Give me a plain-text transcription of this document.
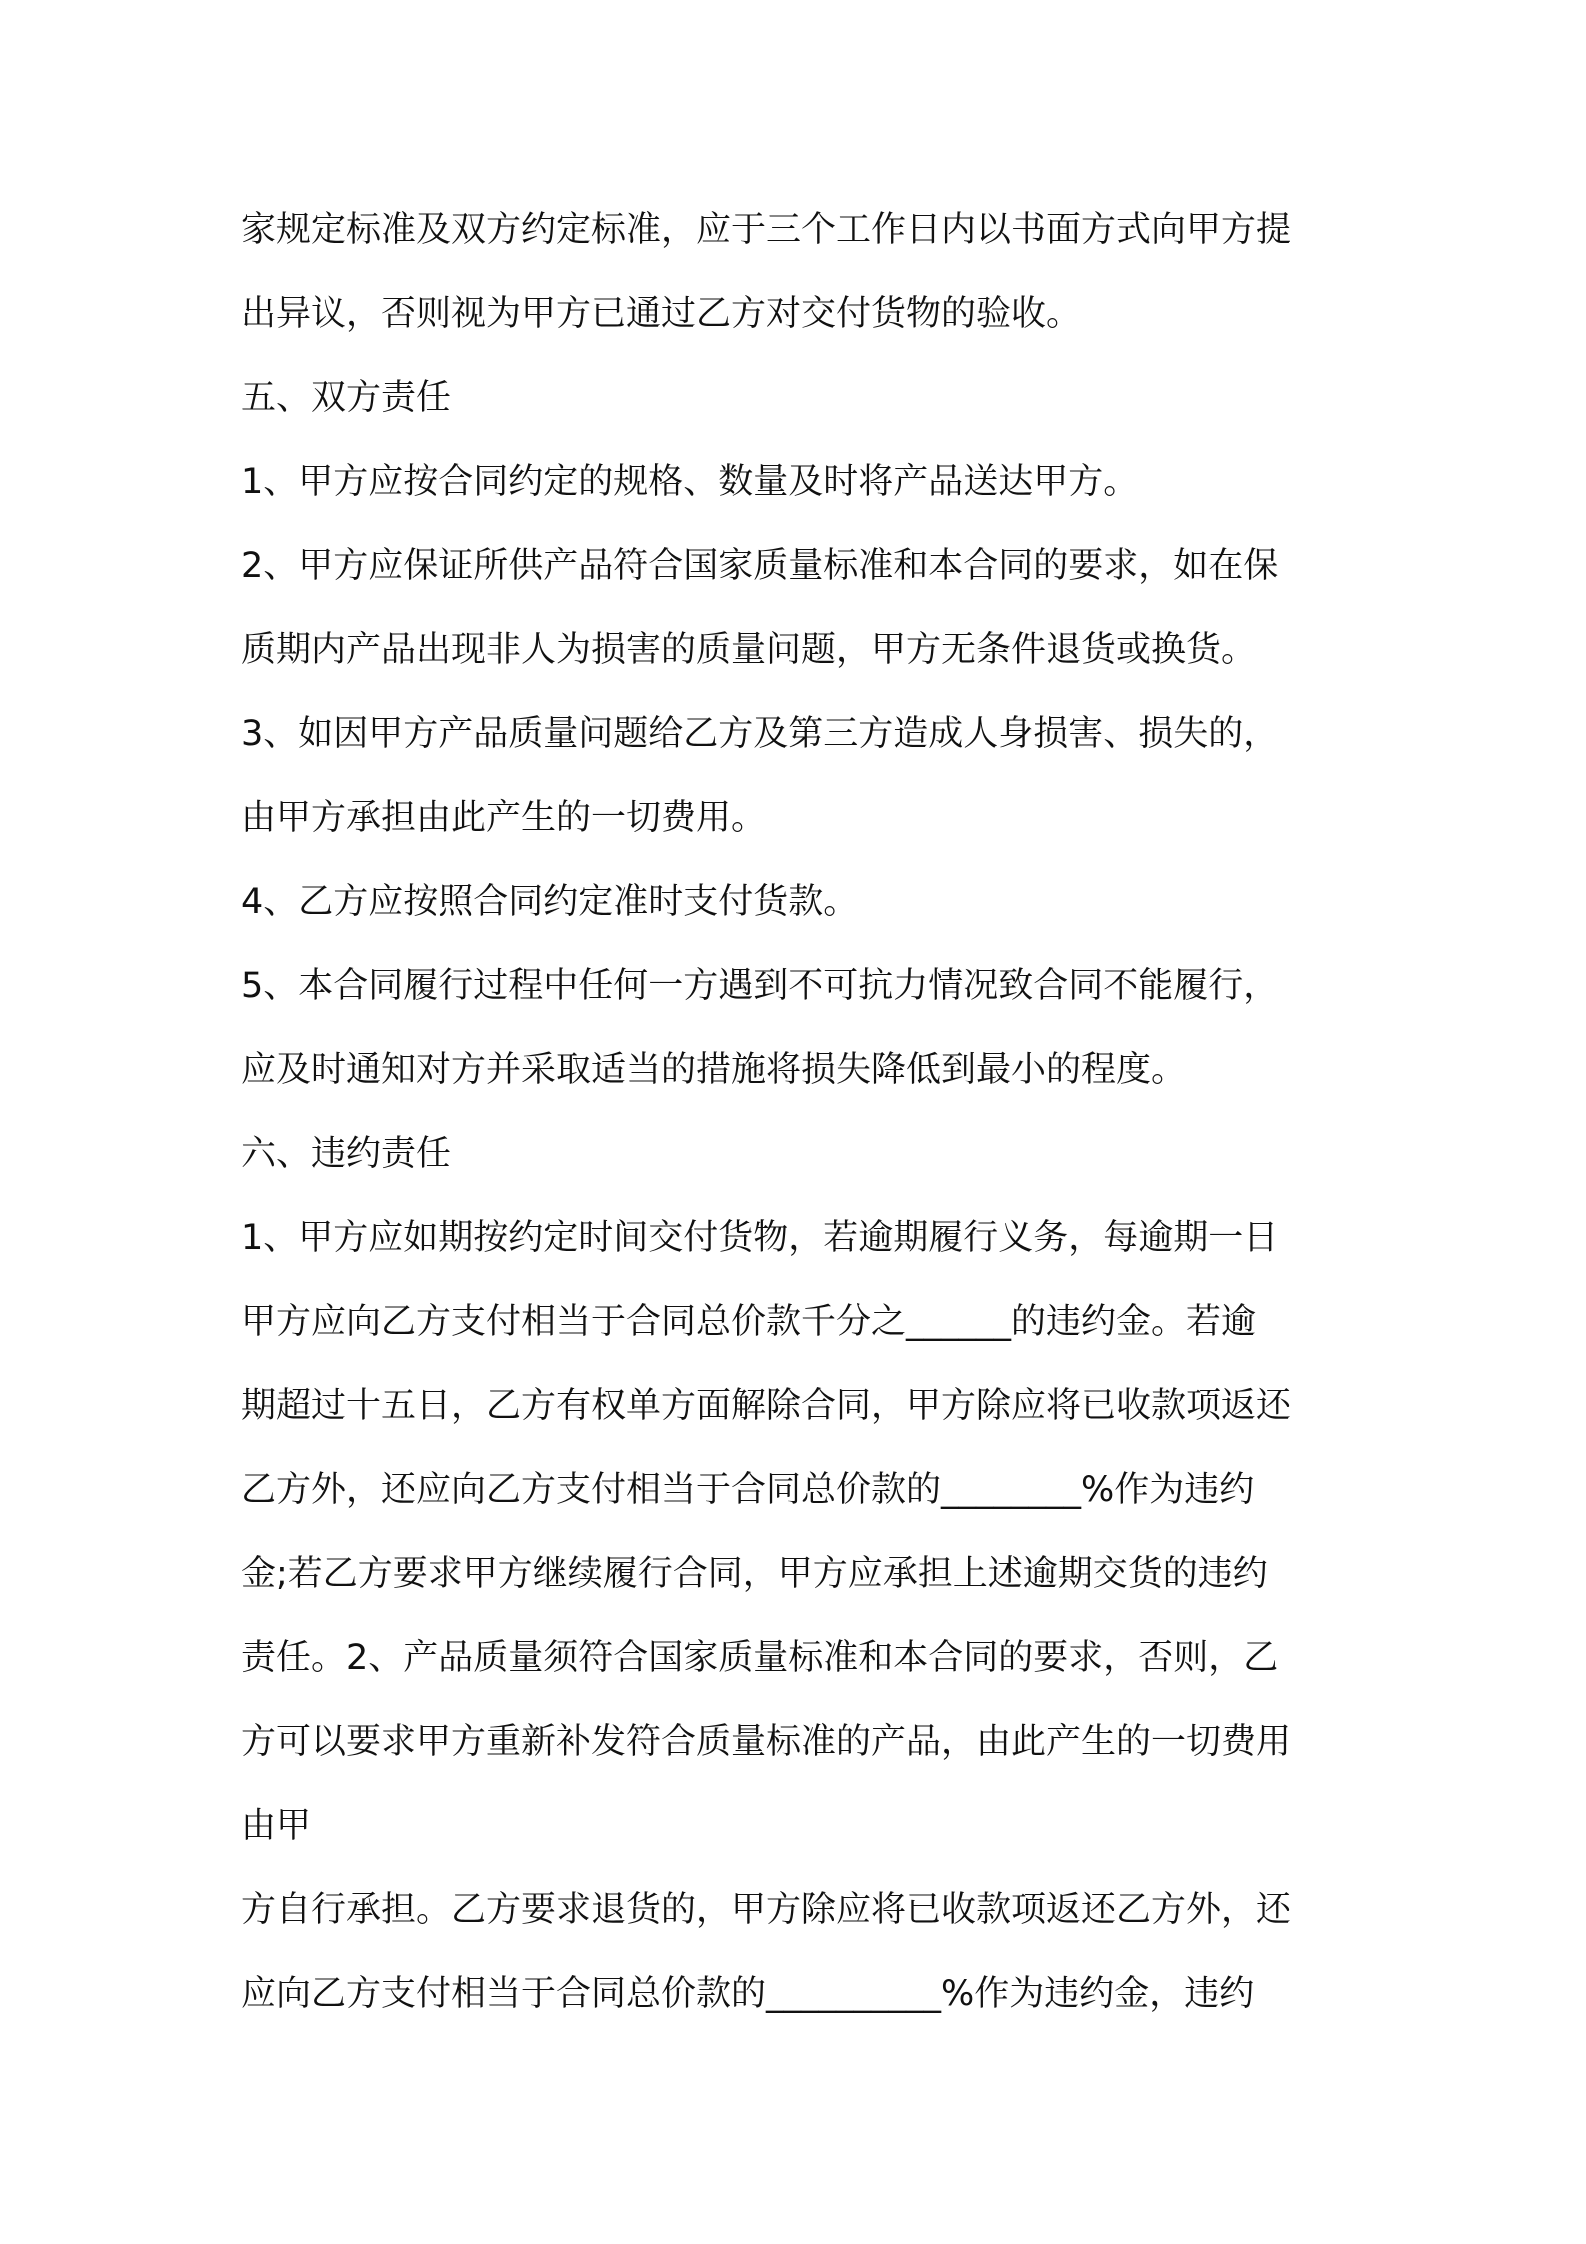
家规定标准及双方约定标准，应于三个工作日内以书面方式向甲方提

出异议，否则视为甲方已通过乙方对交付货物的验收。

五、双方责任

1、甲方应按合同约定的规格、数量及时将产品送达甲方。

2、甲方应保证所供产品符合国家质量标准和本合同的要求，如在保

质期内产品出现非人为损害的质量问题，甲方无条件退货或换货。

3、如因甲方产品质量问题给乙方及第三方造成人身损害、损失的，

由甲方承担由此产生的一切费用。

4、乙方应按照合同约定准时支付货款。

5、本合同履行过程中任何一方遇到不可抗力情况致合同不能履行，

应及时通知对方并采取适当的措施将损失降低到最小的程度。

六、违约责任

1、甲方应如期按约定时间交付货物，若逾期履行义务，每逾期一日

甲方应向乙方支付相当于合同总价款千分之______的违约金。若逾

期超过十五日，乙方有权单方面解除合同，甲方除应将已收款项返还

乙方外，还应向乙方支付相当于合同总价款的________%作为违约

金;若乙方要求甲方继续履行合同，甲方应承担上述逾期交货的违约

责任。2、产品质量须符合国家质量标准和本合同的要求，否则，乙

方可以要求甲方重新补发符合质量标准的产品，由此产生的一切费用

由甲

方自行承担。乙方要求退货的，甲方除应将已收款项返还乙方外，还

应向乙方支付相当于合同总价款的__________%作为违约金，违约
